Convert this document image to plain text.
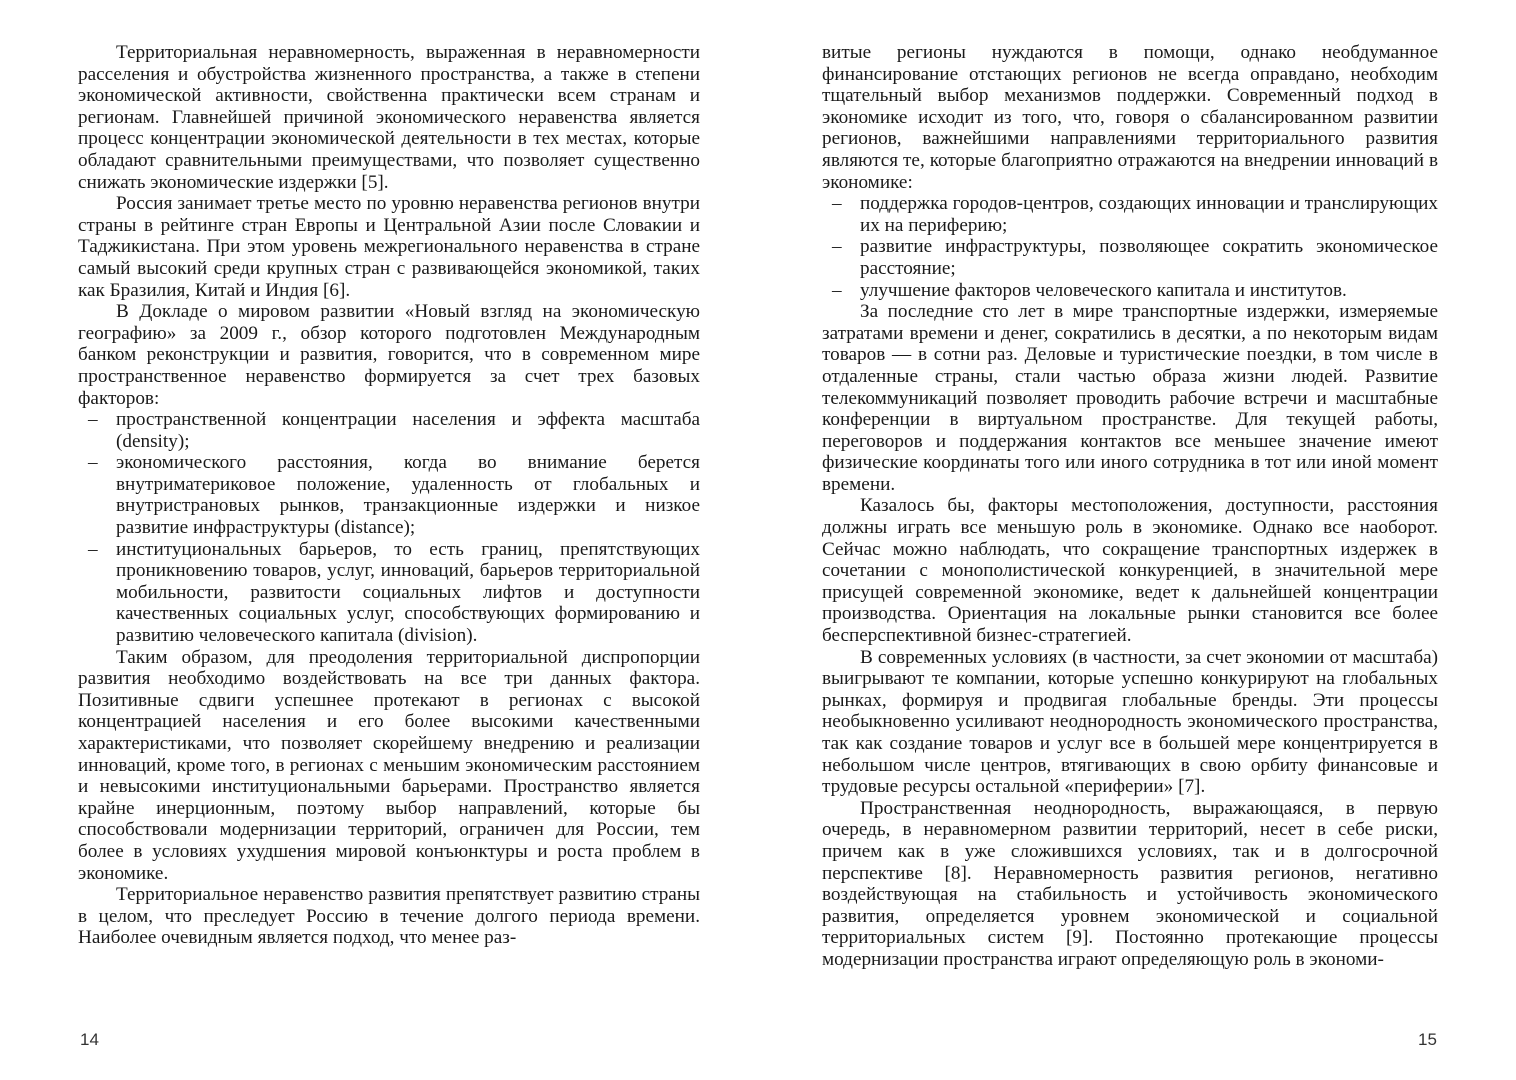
Территориальная неравномерность, выраженная в неравномерности расселения и обустройства жизненного пространства, а также в степени экономической активности, свойственна практически всем странам и регионам. Главнейшей причиной экономического неравенства является процесс концентрации экономической деятельности в тех местах, которые обладают сравнительными преимуществами, что позволяет существенно снижать экономические издержки [5].

Россия занимает третье место по уровню неравенства регионов внутри страны в рейтинге стран Европы и Центральной Азии после Словакии и Таджикистана. При этом уровень межрегионального неравенства в стране самый высокий среди крупных стран с развивающейся экономикой, таких как Бразилия, Китай и Индия [6].

В Докладе о мировом развитии «Новый взгляд на экономическую географию» за 2009 г., обзор которого подготовлен Международным банком реконструкции и развития, говорится, что в современном мире пространственное неравенство формируется за счет трех базовых факторов:

– пространственной концентрации населения и эффекта масштаба (density);
– экономического расстояния, когда во внимание берется внутриматериковое положение, удаленность от глобальных и внутристрановых рынков, транзакционные издержки и низкое развитие инфраструктуры (distance);
– институциональных барьеров, то есть границ, препятствующих проникновению товаров, услуг, инноваций, барьеров территориальной мобильности, развитости социальных лифтов и доступности качественных социальных услуг, способствующих формированию и развитию человеческого капитала (division).

Таким образом, для преодоления территориальной диспропорции развития необходимо воздействовать на все три данных фактора. Позитивные сдвиги успешнее протекают в регионах с высокой концентрацией населения и его более высокими качественными характеристиками, что позволяет скорейшему внедрению и реализации инноваций, кроме того, в регионах с меньшим экономическим расстоянием и невысокими институциональными барьерами. Пространство является крайне инерционным, поэтому выбор направлений, которые бы способствовали модернизации территорий, ограничен для России, тем более в условиях ухудшения мировой конъюнктуры и роста проблем в экономике.

Территориальное неравенство развития препятствует развитию страны в целом, что преследует Россию в течение долгого периода времени. Наиболее очевидным является подход, что менее раз-

14

витые регионы нуждаются в помощи, однако необдуманное финансирование отстающих регионов не всегда оправдано, необходим тщательный выбор механизмов поддержки. Современный подход в экономике исходит из того, что, говоря о сбалансированном развитии регионов, важнейшими направлениями территориального развития являются те, которые благоприятно отражаются на внедрении инноваций в экономике:

– поддержка городов-центров, создающих инновации и транслирующих их на периферию;
– развитие инфраструктуры, позволяющее сократить экономическое расстояние;
– улучшение факторов человеческого капитала и институтов.

За последние сто лет в мире транспортные издержки, измеряемые затратами времени и денег, сократились в десятки, а по некоторым видам товаров — в сотни раз. Деловые и туристические поездки, в том числе в отдаленные страны, стали частью образа жизни людей. Развитие телекоммуникаций позволяет проводить рабочие встречи и масштабные конференции в виртуальном пространстве. Для текущей работы, переговоров и поддержания контактов все меньшее значение имеют физические координаты того или иного сотрудника в тот или иной момент времени.

Казалось бы, факторы местоположения, доступности, расстояния должны играть все меньшую роль в экономике. Однако все наоборот. Сейчас можно наблюдать, что сокращение транспортных издержек в сочетании с монополистической конкуренцией, в значительной мере присущей современной экономике, ведет к дальнейшей концентрации производства. Ориентация на локальные рынки становится все более бесперспективной бизнес-стратегией.

В современных условиях (в частности, за счет экономии от масштаба) выигрывают те компании, которые успешно конкурируют на глобальных рынках, формируя и продвигая глобальные бренды. Эти процессы необыкновенно усиливают неоднородность экономического пространства, так как создание товаров и услуг все в большей мере концентрируется в небольшом числе центров, втягивающих в свою орбиту финансовые и трудовые ресурсы остальной «периферии» [7].

Пространственная неоднородность, выражающаяся, в первую очередь, в неравномерном развитии территорий, несет в себе риски, причем как в уже сложившихся условиях, так и в долгосрочной перспективе [8]. Неравномерность развития регионов, негативно воздействующая на стабильность и устойчивость экономического развития, определяется уровнем экономической и социальной территориальных систем [9]. Постоянно протекающие процессы модернизации пространства играют определяющую роль в экономи-

15
